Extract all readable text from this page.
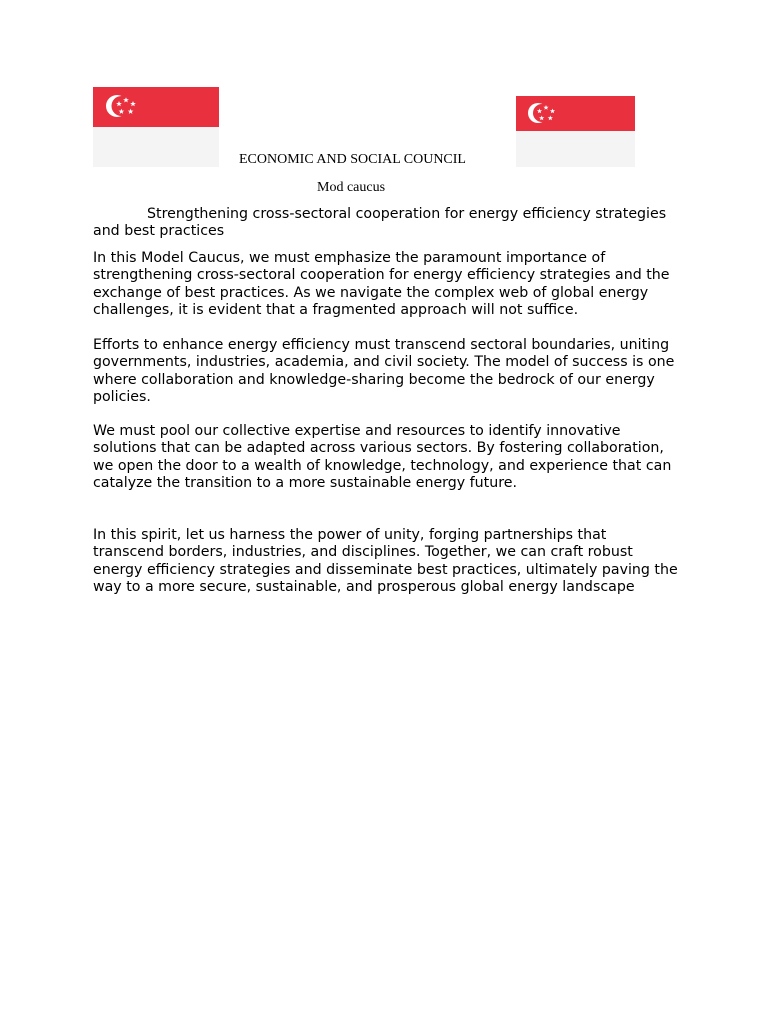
ECONOMIC AND SOCIAL COUNCIL
Mod caucus

Strengthening cross-sectoral cooperation for energy efficiency strategies and best practices

In this Model Caucus, we must emphasize the paramount importance of strengthening cross-sectoral cooperation for energy efficiency strategies and the exchange of best practices. As we navigate the complex web of global energy challenges, it is evident that a fragmented approach will not suffice.

Efforts to enhance energy efficiency must transcend sectoral boundaries, uniting governments, industries, academia, and civil society. The model of success is one where collaboration and knowledge-sharing become the bedrock of our energy policies.

We must pool our collective expertise and resources to identify innovative solutions that can be adapted across various sectors. By fostering collaboration, we open the door to a wealth of knowledge, technology, and experience that can catalyze the transition to a more sustainable energy future.

In this spirit, let us harness the power of unity, forging partnerships that transcend borders, industries, and disciplines. Together, we can craft robust energy efficiency strategies and disseminate best practices, ultimately paving the way to a more secure, sustainable, and prosperous global energy landscape
